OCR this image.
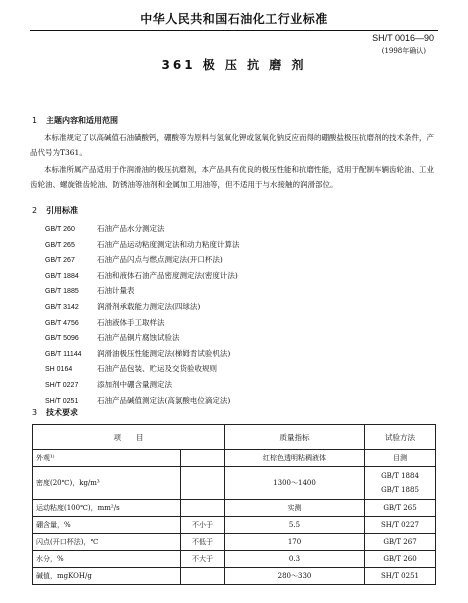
中华人民共和国石油化工行业标准
SH/T 0016—90
(1998年确认)
361 极 压 抗 磨 剂
1 主题内容和适用范围
本标准规定了以高碱值石油磺酸钙，硼酸等为原料与氢氧化钾或氢氧化钠反应而得的硼酸盐极压抗磨剂的技术条件，产品代号为T361。
本标准所属产品适用于作润滑油的极压抗磨剂，本产品具有优良的极压性能和抗磨性能，适用于配制车辆齿轮油、工业齿轮油、螺旋锥齿轮油、防锈油等油剂和金属加工用油等，但不适用于与水接触的润滑部位。
2 引用标准
GB/T 260	石油产品水分测定法
GB/T 265	石油产品运动粘度测定法和动力粘度计算法
GB/T 267	石油产品闪点与燃点测定法(开口杯法)
GB/T 1884 石油和液体石油产品密度测定法(密度计法)
GB/T 1885 石油计量表
GB/T 3142 润滑剂承载能力测定法(四球法)
GB/T 4756 石油液体手工取样法
GB/T 5096 石油产品铜片腐蚀试验法
GB/T 11144 润滑油极压性能测定法(梯姆肯试验机法)
SH 0164	石油产品包装、贮运及交货验收规则
SH/T 0227 添加剂中硼含量测定法
SH/T 0251 石油产品碱值测定法(高氯酸电位滴定法)
3 技术要求
项　　目		质量指标	试验方法
外观¹⁾		红棕色透明粘稠液体	目测
密度(20℃)，kg/m³		1300～1400	GB/T 1884
GB/T 1885

运动粘度(100℃)，mm²/s		实测	GB/T 265
硼含量，%	不小于	5.5	SH/T 0227
闪点(开口杯法)，℃	不低于	170	GB/T 267
水分，%	不大于	0.3	GB/T 260
碱值，mgKOH/g		280～330	SH/T 0251
